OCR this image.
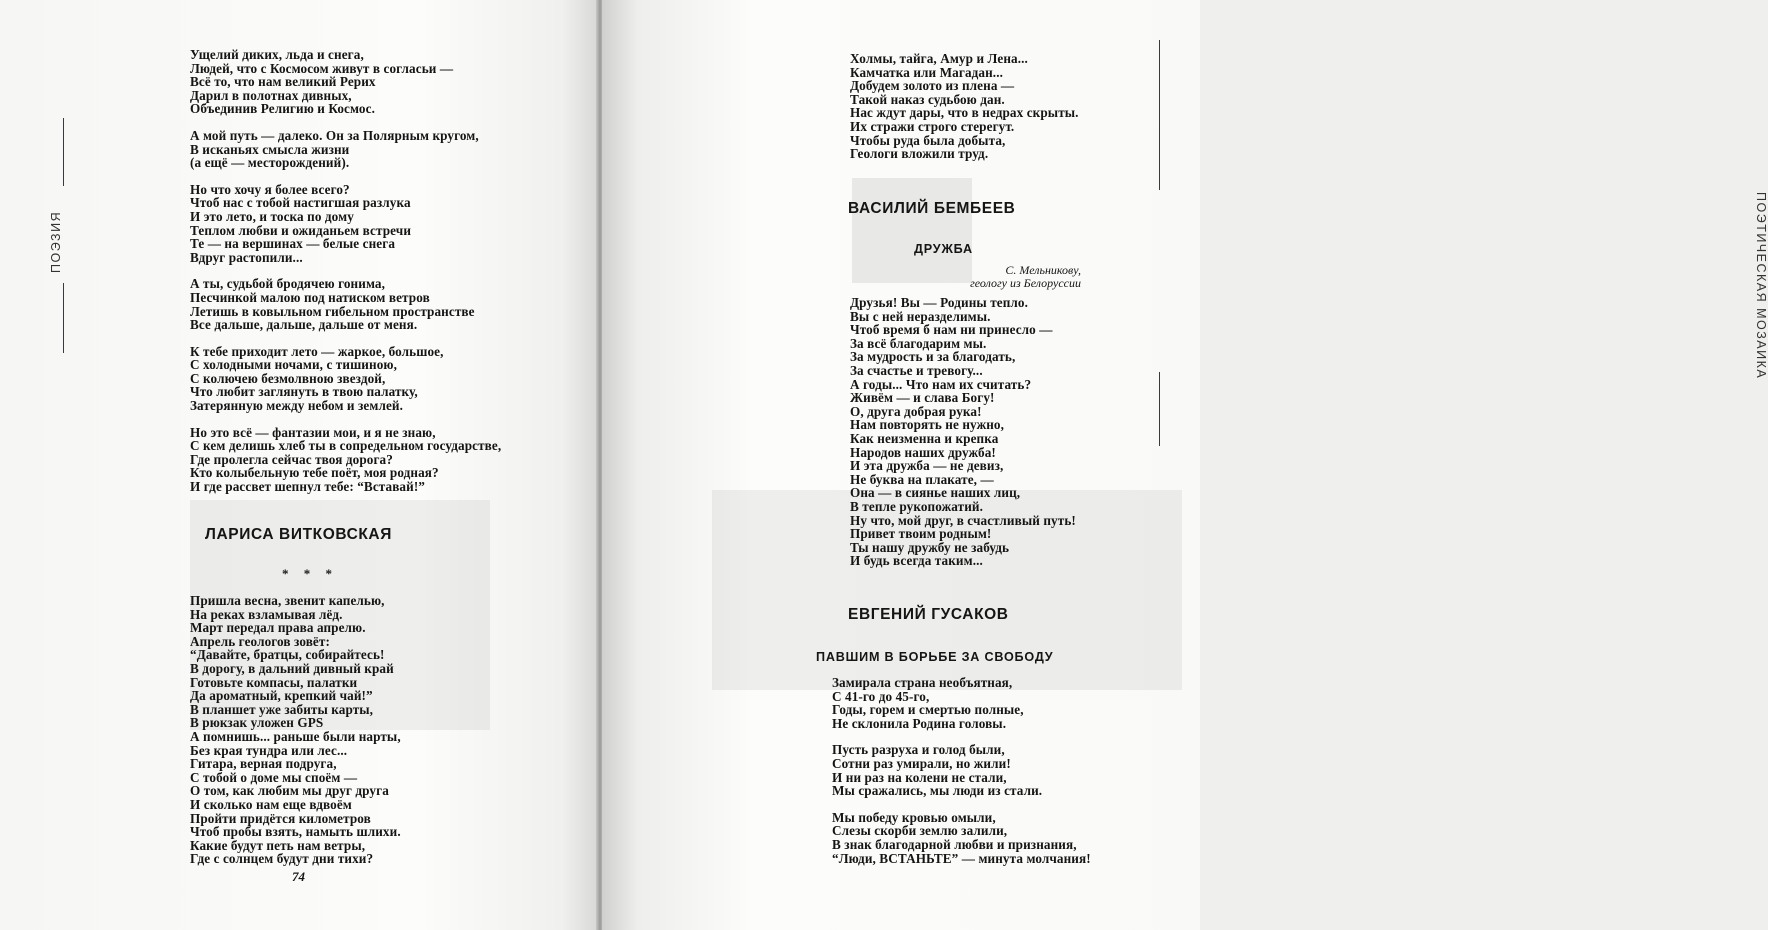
ПОЭЗИЯ
Ущелий диких, льда и снега,
Людей, что с Космосом живут в согласьи —
Всё то, что нам великий Рерих
Дарил в полотнах дивных,
Объединив Религию и Космос.
А мой путь — далеко. Он за Полярным кругом,
В исканьях смысла жизни
(а ещё — месторождений).
Но что хочу я более всего?
Чтоб нас с тобой настигшая разлука
И это лето, и тоска по дому
Теплом любви и ожиданьем встречи
Те — на вершинах — белые снега
Вдруг растопили...
А ты, судьбой бродячею гонима,
Песчинкой малою под натиском ветров
Летишь в ковыльном гибельном пространстве
Все дальше, дальше, дальше от меня.
К тебе приходит лето — жаркое, большое,
С холодными ночами, с тишиною,
С колючею безмолвною звездой,
Что любит заглянуть в твою палатку,
Затерянную между небом и землей.
Но это всё — фантазии мои, и я не знаю,
С кем делишь хлеб ты в сопредельном государстве,
Где пролегла сейчас твоя дорога?
Кто колыбельную тебе поёт, моя родная?
И где рассвет шепнул тебе: “Вставай!”
ЛАРИСА ВИТКОВСКАЯ
* * *
Пришла весна, звенит капелью,
На реках взламывая лёд.
Март передал права апрелю.
Апрель геологов зовёт:
“Давайте, братцы, собирайтесь!
В дорогу, в дальний дивный край
Готовьте компасы, палатки
Да ароматный, крепкий чай!”
В планшет уже забиты карты,
В рюкзак уложен GPS
А помнишь... раньше были нарты,
Без края тундра или лес...
Гитара, верная подруга,
С тобой о доме мы споём —
О том, как любим мы друг друга
И сколько нам еще вдвоём
Пройти придётся километров
Чтоб пробы взять, намыть шлихи.
Какие будут петь нам ветры,
Где с солнцем будут дни тихи?
74
Холмы, тайга, Амур и Лена...
Камчатка или Магадан...
Добудем золото из плена —
Такой наказ судьбою дан.
Нас ждут дары, что в недрах скрыты.
Их стражи строго стерегут.
Чтобы руда была добыта,
Геологи вложили труд.
ВАСИЛИЙ БЕМБЕЕВ
ДРУЖБА
С. Мельникову,
геологу из Белоруссии
Друзья! Вы — Родины тепло.
Вы с ней неразделимы.
Чтоб время б нам ни принесло —
За всё благодарим мы.
За мудрость и за благодать,
За счастье и тревогу...
А годы... Что нам их считать?
Живём — и слава Богу!
О, друга добрая рука!
Нам повторять не нужно,
Как неизменна и крепка
Народов наших дружба!
И эта дружба — не девиз,
Не буква на плакате, —
Она — в сиянье наших лиц,
В тепле рукопожатий.
Ну что, мой друг, в счастливый путь!
Привет твоим родным!
Ты нашу дружбу не забудь
И будь всегда таким...
ЕВГЕНИЙ ГУСАКОВ
ПАВШИМ В БОРЬБЕ ЗА СВОБОДУ
Замирала страна необъятная,
С 41-го до 45-го,
Годы, горем и смертью полные,
Не склонила Родина головы.
Пусть разруха и голод были,
Сотни раз умирали, но жили!
И ни раз на колени не стали,
Мы сражались, мы люди из стали.
Мы победу кровью омыли,
Слезы скорби землю залили,
В знак благодарной любви и признания,
“Люди, ВСТАНЬТЕ” — минута молчания!
ПОЭТИЧЕСКАЯ МОЗАИКА
